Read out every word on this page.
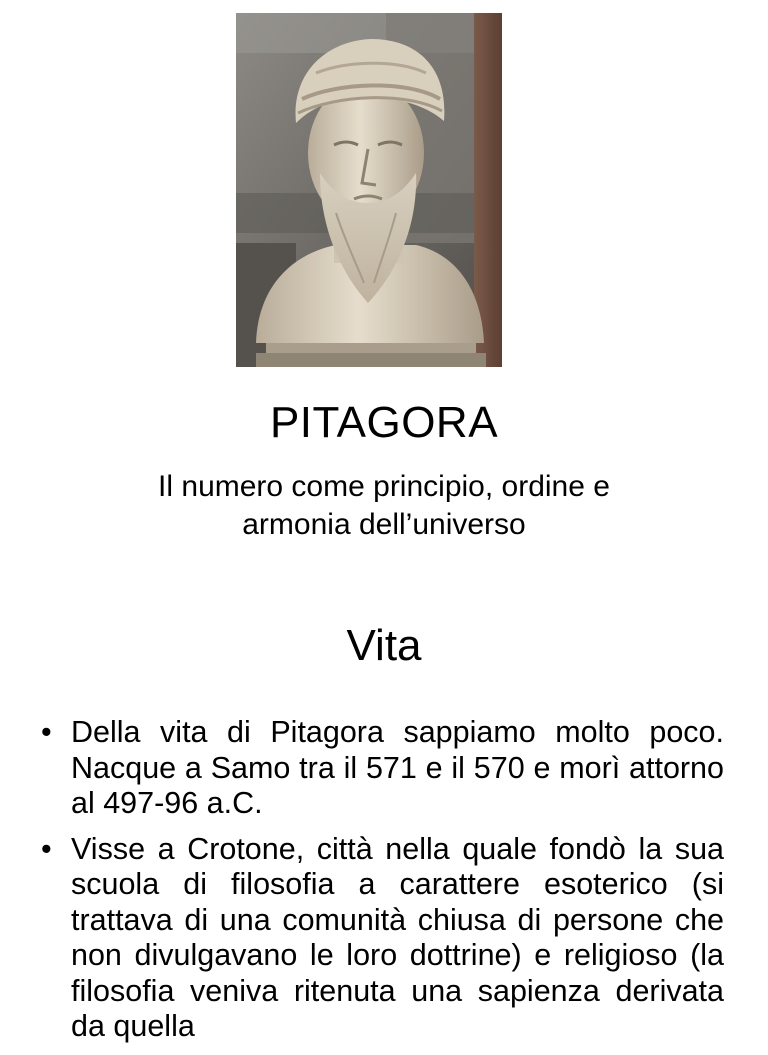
PITAGORA
Il numero come principio, ordine e armonia dell’universo
Vita
• Della vita di Pitagora sappiamo molto poco. Nacque a Samo tra il 571 e il 570 e morì attorno al 497-96 a.C.
• Visse a Crotone, città nella quale fondò la sua scuola di filosofia a carattere esoterico (si trattava di una comunità chiusa di persone che non divulgavano le loro dottrine) e religioso (la filosofia veniva ritenuta una sapienza derivata da quella
